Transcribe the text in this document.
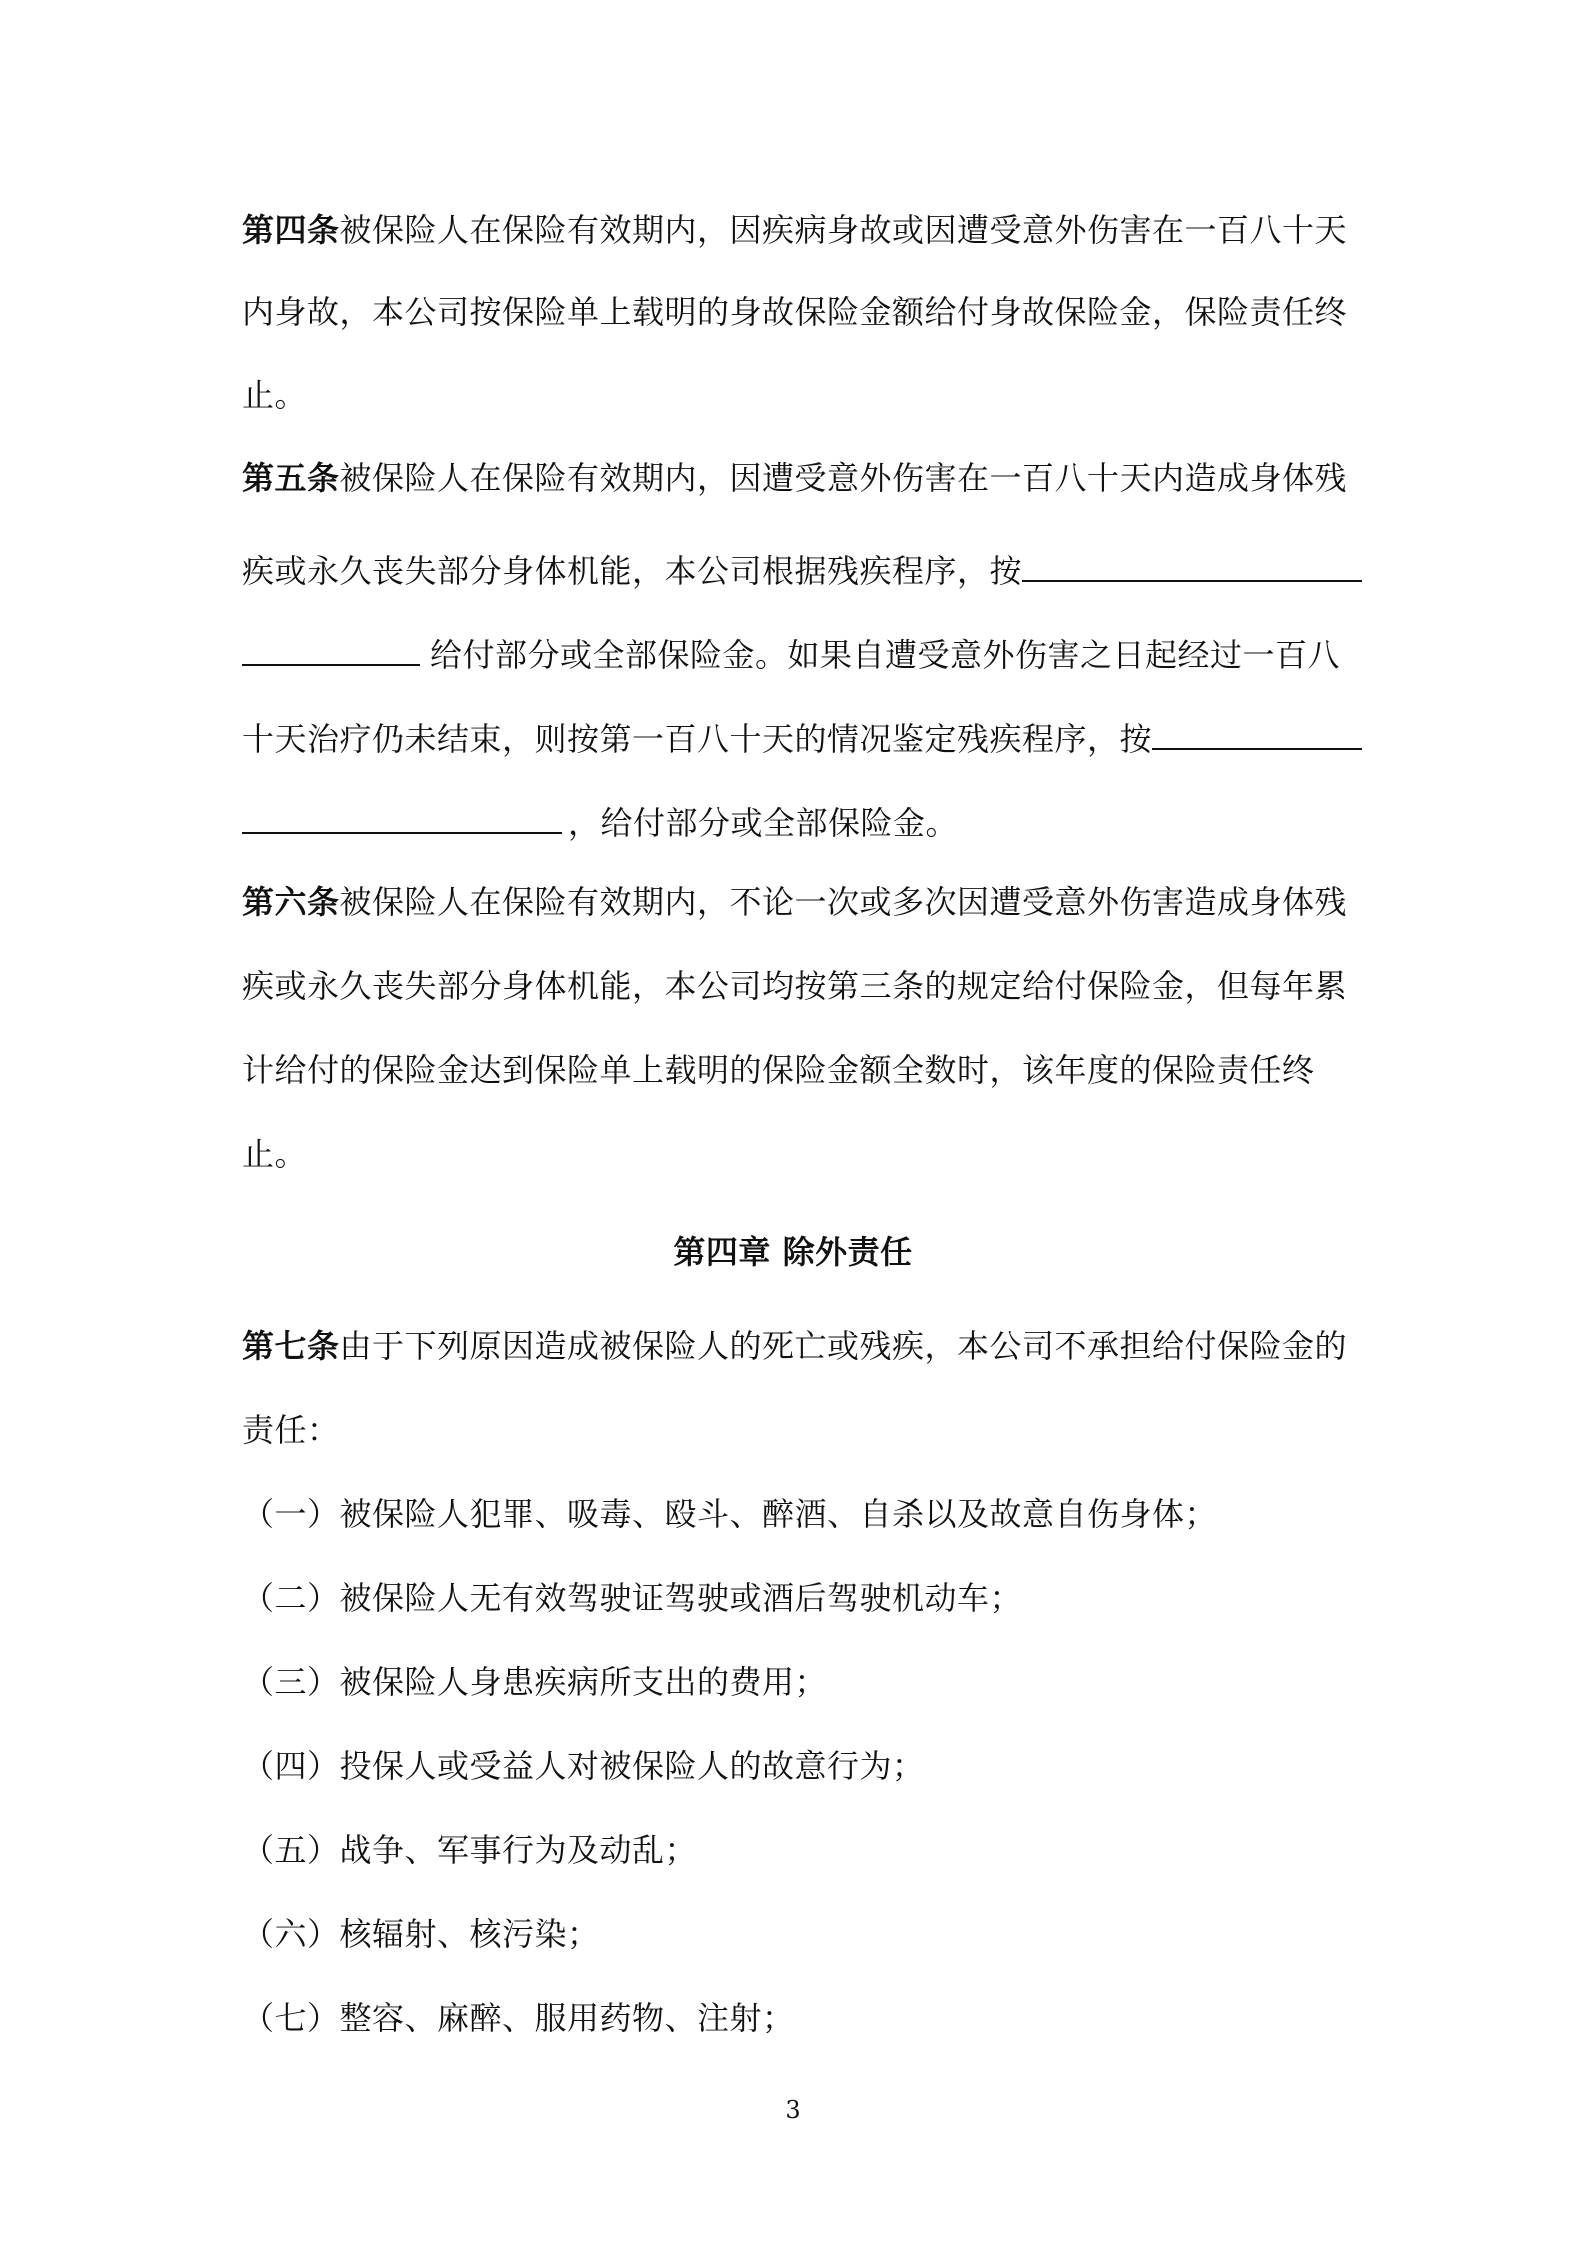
第四条被保险人在保险有效期内，因疾病身故或因遭受意外伤害在一百八十天
内身故，本公司按保险单上载明的身故保险金额给付身故保险金，保险责任终
止。
第五条被保险人在保险有效期内，因遭受意外伤害在一百八十天内造成身体残
疾或永久丧失部分身体机能，本公司根据残疾程序，按
给付部分或全部保险金。如果自遭受意外伤害之日起经过一百八
十天治疗仍未结束，则按第一百八十天的情况鉴定残疾程序，按
，给付部分或全部保险金。
第六条被保险人在保险有效期内，不论一次或多次因遭受意外伤害造成身体残
疾或永久丧失部分身体机能，本公司均按第三条的规定给付保险金，但每年累
计给付的保险金达到保险单上载明的保险金额全数时，该年度的保险责任终
止。
第四章 除外责任
第七条由于下列原因造成被保险人的死亡或残疾，本公司不承担给付保险金的
责任：
（一）被保险人犯罪、吸毒、殴斗、醉酒、自杀以及故意自伤身体；
（二）被保险人无有效驾驶证驾驶或酒后驾驶机动车；
（三）被保险人身患疾病所支出的费用；
（四）投保人或受益人对被保险人的故意行为；
（五）战争、军事行为及动乱；
（六）核辐射、核污染；
（七）整容、麻醉、服用药物、注射；
3
